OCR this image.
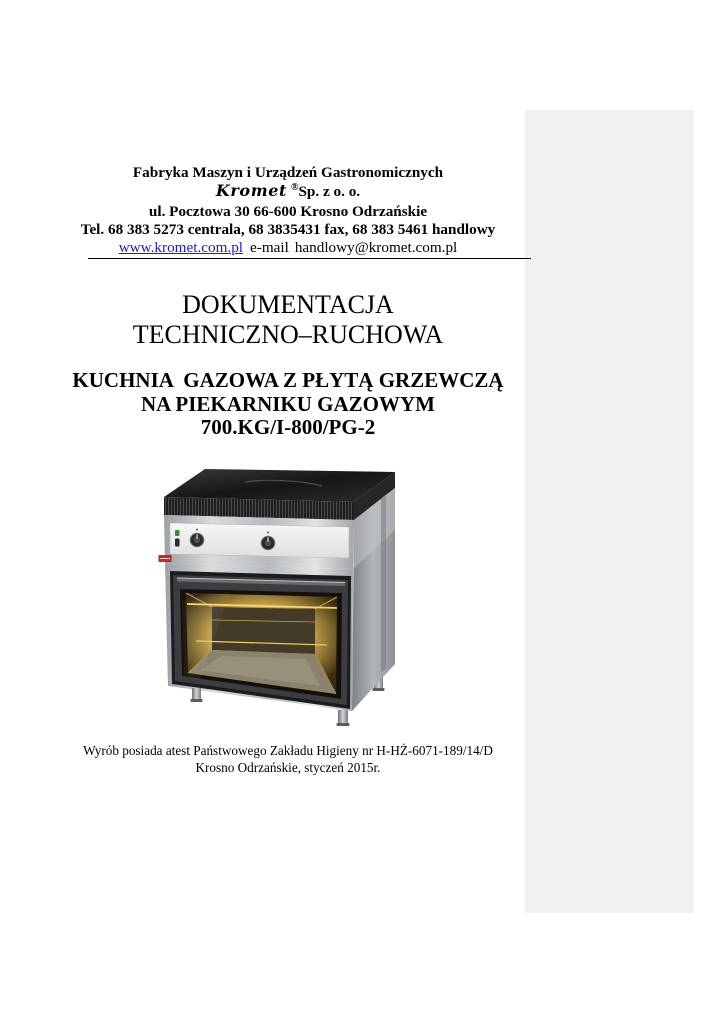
Fabryka Maszyn i Urządzeń Gastronomicznych
Kromet ®Sp. z o. o.
ul. Pocztowa 30 66-600 Krosno Odrzańskie
Tel. 68 383 5273 centrala, 68 3835431 fax, 68 383 5461 handlowy
www.kromet.com.pl e-mail handlowy@kromet.com.pl
DOKUMENTACJA
TECHNICZNO–RUCHOWA
KUCHNIA  GAZOWA Z PŁYTĄ GRZEWCZĄ
NA PIEKARNIKU GAZOWYM
700.KG/I-800/PG-2
Wyrób posiada atest Państwowego Zakładu Higieny nr H-HŻ-6071-189/14/D
Krosno Odrzańskie, styczeń 2015r.
